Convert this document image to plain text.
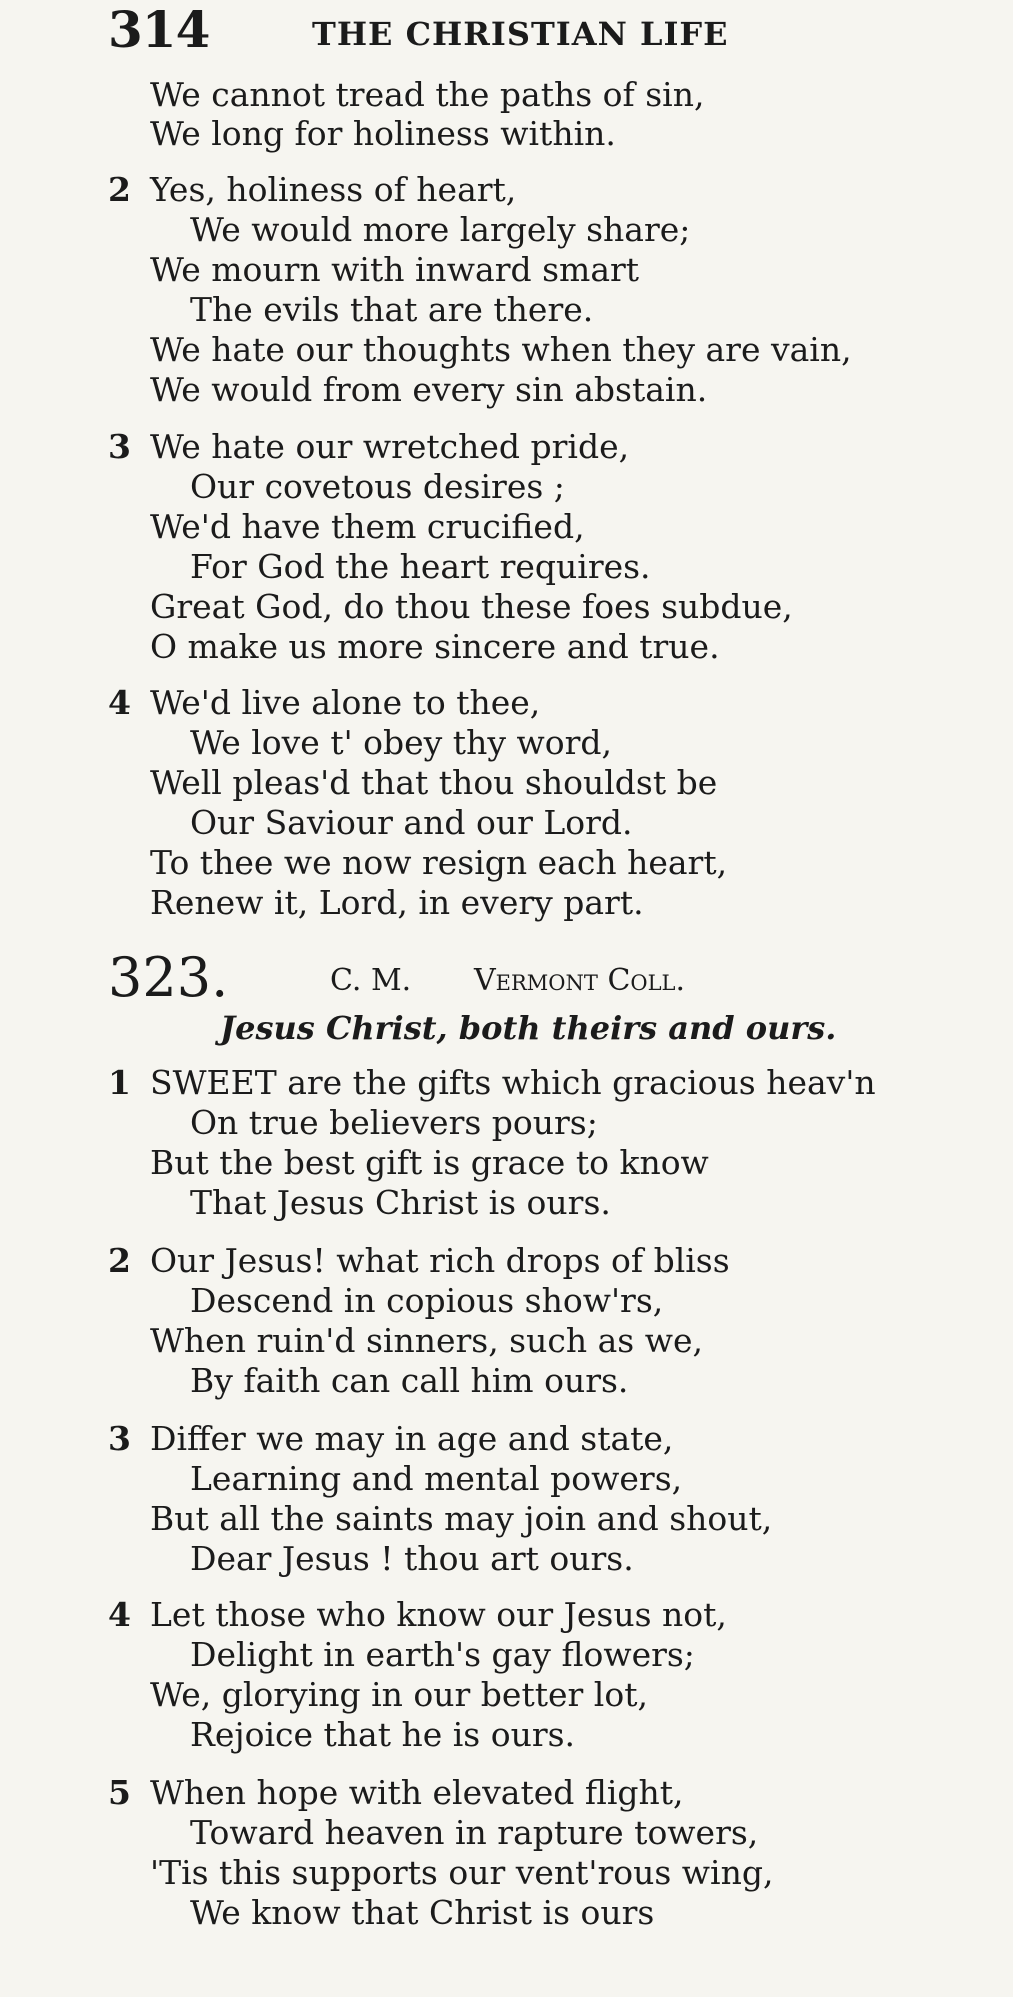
314	THE CHRISTIAN LIFE
We cannot tread the paths of sin,
We long for holiness within.
2 Yes, holiness of heart,
We would more largely share;
We mourn with inward smart
The evils that are there.
We hate our thoughts when they are vain,
We would from every sin abstain.
3 We hate our wretched pride,
Our covetous desires ;
We'd have them crucified,
For God the heart requires.
Great God, do thou these foes subdue,
O make us more sincere and true.
4 We'd live alone to thee,
We love t' obey thy word,
Well pleas'd that thou shouldst be
Our Saviour and our Lord.
To thee we now resign each heart,
Renew it, Lord, in every part.
323.	C. M. Vermont Coll.
Jesus Christ, both theirs and ours.
1 SWEET are the gifts which gracious heav'n
On true believers pours;
But the best gift is grace to know
That Jesus Christ is ours.
2 Our Jesus! what rich drops of bliss
Descend in copious show'rs,
When ruin'd sinners, such as we,
By faith can call him ours.
3 Differ we may in age and state,
Learning and mental powers,
But all the saints may join and shout,
Dear Jesus ! thou art ours.
4 Let those who know our Jesus not,
Delight in earth's gay flowers;
We, glorying in our better lot,
Rejoice that he is ours.
5 When hope with elevated flight,
Toward heaven in rapture towers,
'Tis this supports our vent'rous wing,
We know that Christ is ours
